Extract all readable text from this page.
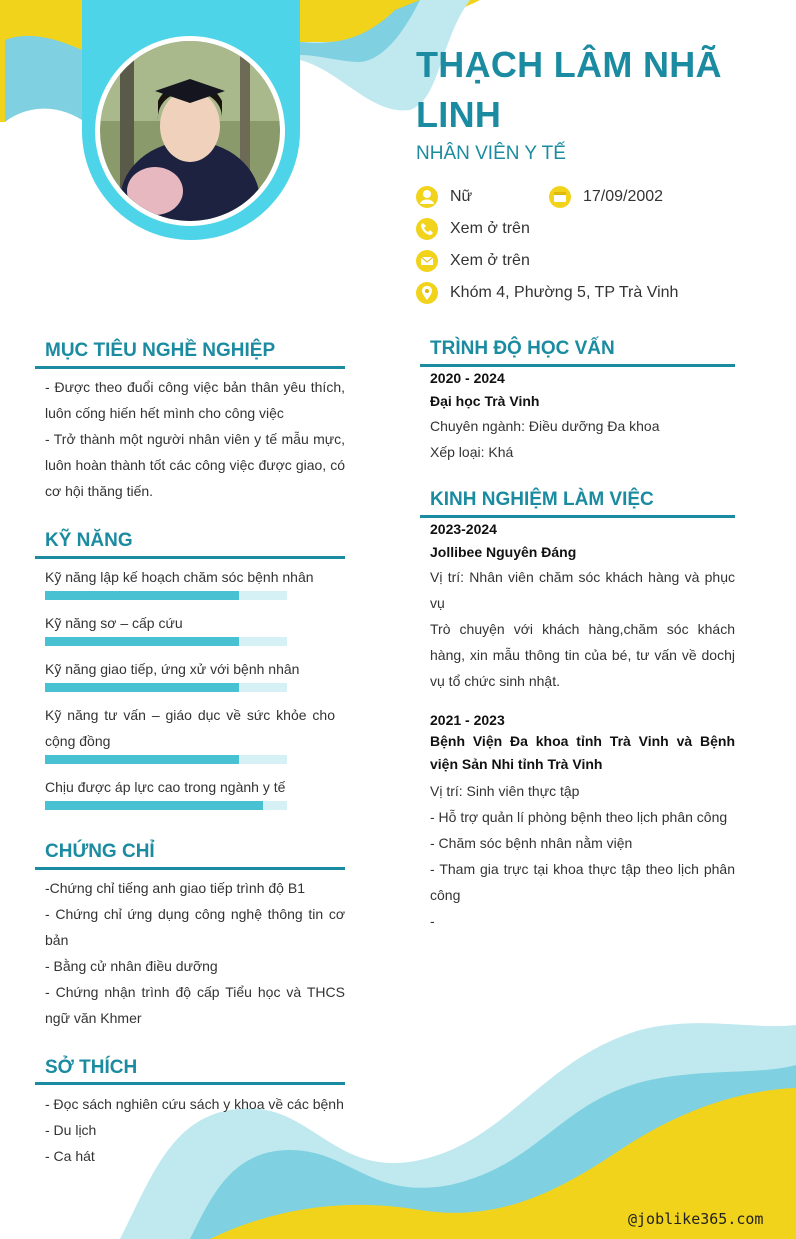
THẠCH LÂM NHÃ LINH
NHÂN VIÊN Y TẾ
Nữ	17/09/2002
Xem ở trên
Xem ở trên
Khóm 4, Phường 5, TP Trà Vinh
MỤC TIÊU NGHỀ NGHIỆP
- Được theo đuổi công việc bản thân yêu thích, luôn cống hiến hết mình cho công việc
- Trở thành một người nhân viên y tế mẫu mực, luôn hoàn thành tốt các công việc được giao, có cơ hội thăng tiến.
KỸ NĂNG
Kỹ năng lập kế hoạch chăm sóc bệnh nhân
Kỹ năng sơ – cấp cứu
Kỹ năng giao tiếp, ứng xử với bệnh nhân
Kỹ năng tư vấn – giáo dục về sức khỏe cho cộng đồng
Chịu được áp lực cao trong ngành y tế
CHỨNG CHỈ
-Chứng chỉ tiếng anh giao tiếp trình độ B1
- Chứng chỉ ứng dụng công nghệ thông tin cơ bản
- Bằng cử nhân điều dưỡng
- Chứng nhận trình độ cấp Tiểu học và THCS ngữ văn Khmer
SỞ THÍCH
- Đọc sách nghiên cứu sách y khoa về các bệnh
- Du lịch
- Ca hát
TRÌNH ĐỘ HỌC VẤN
2020 - 2024
Đại học Trà Vinh
Chuyên ngành: Điều dưỡng Đa khoa
Xếp loại: Khá
KINH NGHIỆM LÀM VIỆC
2023-2024
Jollibee Nguyên Đáng
Vị trí: Nhân viên chăm sóc khách hàng và phục vụ
Trò chuyện với khách hàng,chăm sóc khách hàng, xin mẫu thông tin của bé, tư vấn về dochj vụ tổ chức sinh nhật.
2021 - 2023
Bệnh Viện Đa khoa tỉnh Trà Vinh và Bệnh viện Sản Nhi tỉnh Trà Vinh
Vị trí: Sinh viên thực tập
- Hỗ trợ quản lí phòng bệnh theo lịch phân công
- Chăm sóc bệnh nhân nằm viện
- Tham gia trực tại khoa thực tập theo lịch phân công
-
@joblike365.com
